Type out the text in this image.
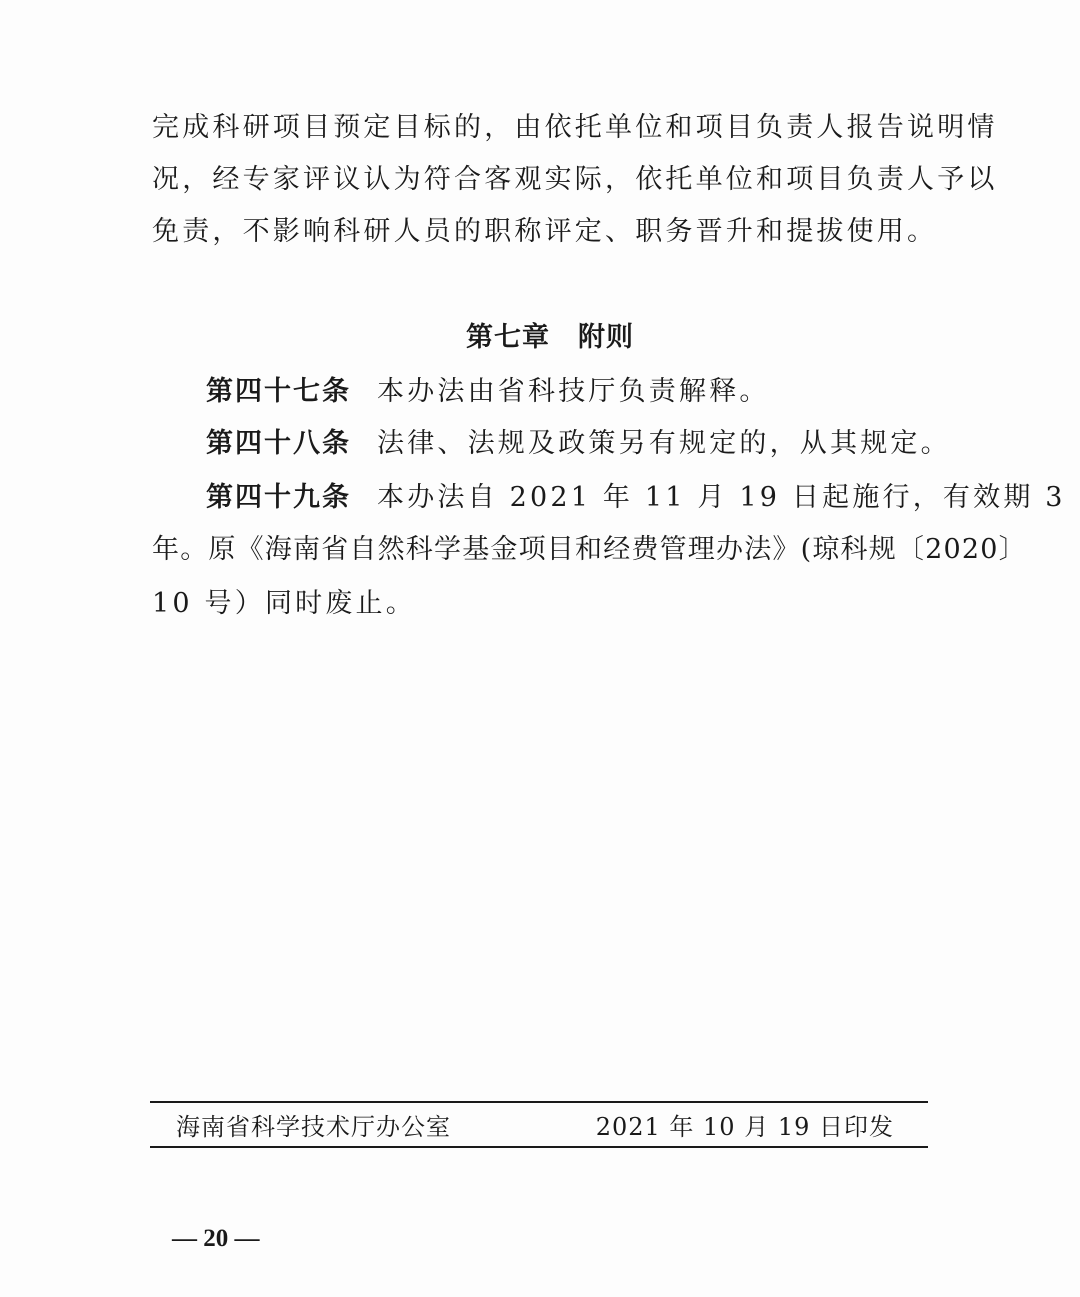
完成科研项目预定目标的，由依托单位和项目负责人报告说明情
况，经专家评议认为符合客观实际，依托单位和项目负责人予以
免责，不影响科研人员的职称评定、职务晋升和提拔使用。
第七章 附则
第四十七条 本办法由省科技厅负责解释。
第四十八条 法律、法规及政策另有规定的，从其规定。
第四十九条 本办法自 2021 年 11 月 19 日起施行，有效期 3
年。原《海南省自然科学基金项目和经费管理办法》(琼科规〔2020〕
10 号）同时废止。
海南省科学技术厅办公室	2021 年 10 月 19 日印发
— 20 —
